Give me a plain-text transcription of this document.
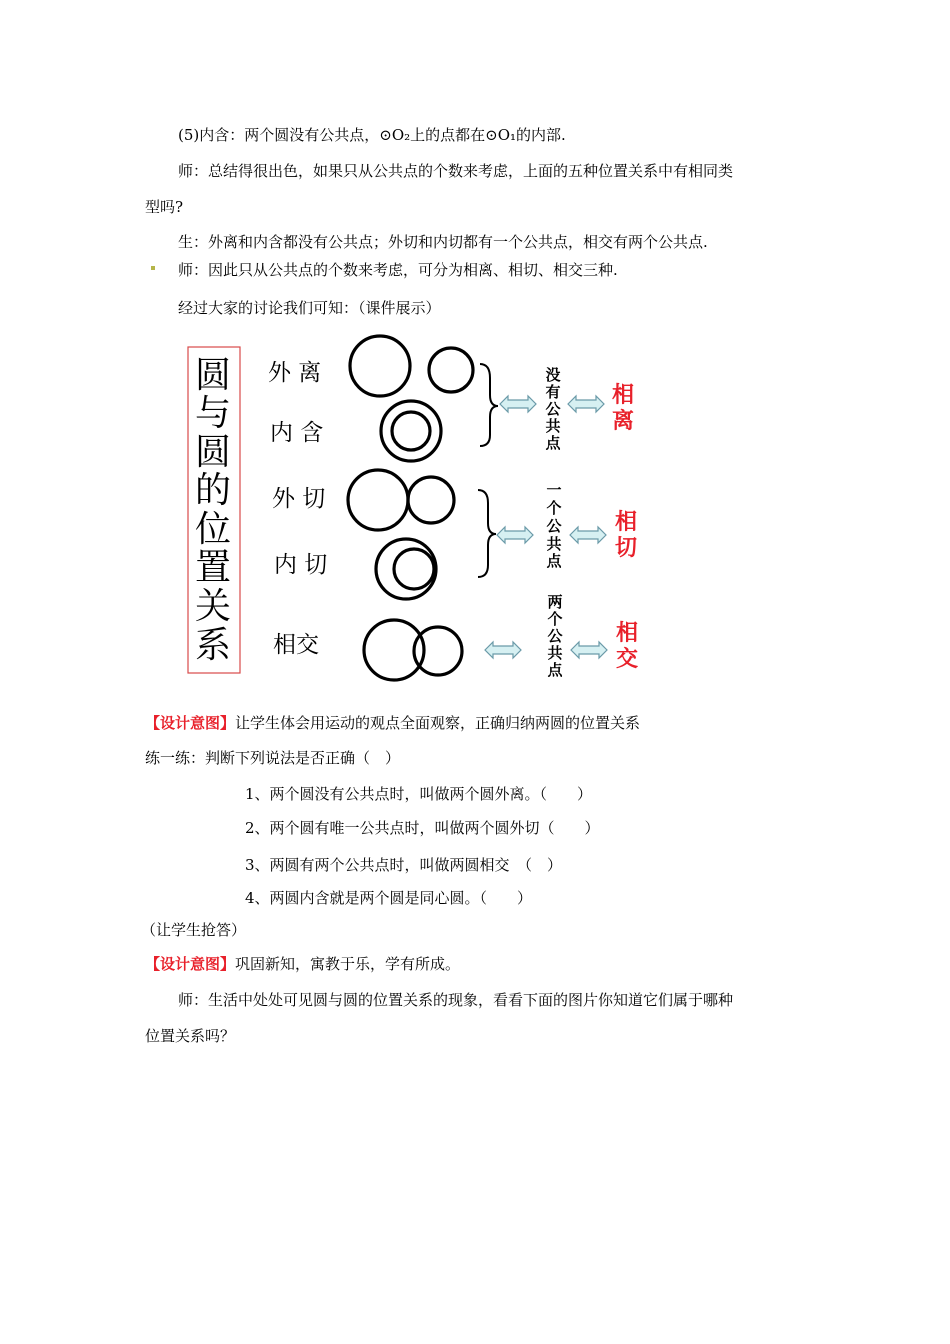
(5)内含：两个圆没有公共点，⊙O₂上的点都在⊙O₁的内部.
师：总结得很出色，如果只从公共点的个数来考虑，上面的五种位置关系中有相同类
型吗?
生：外离和内含都没有公共点；外切和内切都有一个公共点，相交有两个公共点.
师：因此只从公共点的个数来考虑，可分为相离、相切、相交三种.
经过大家的讨论我们可知：（课件展示）
圆
与
圆
的
位
置
关
系
外 离
内 含
外 切
内 切
相交
没
有
公
共
点
一
个
公
共
点
两
个
公
共
点
相
离
相
切
相
交
【设计意图】让学生体会用运动的观点全面观察，正确归纳两圆的位置关系
练一练：判断下列说法是否正确（　）
1、两个圆没有公共点时，叫做两个圆外离。（　　）
2、两个圆有唯一公共点时，叫做两个圆外切（　　）
3、两圆有两个公共点时，叫做两圆相交　（　）
4、两圆内含就是两个圆是同心圆。（　　）
（让学生抢答）
【设计意图】巩固新知，寓教于乐，学有所成。
师：生活中处处可见圆与圆的位置关系的现象，看看下面的图片你知道它们属于哪种
位置关系吗？
